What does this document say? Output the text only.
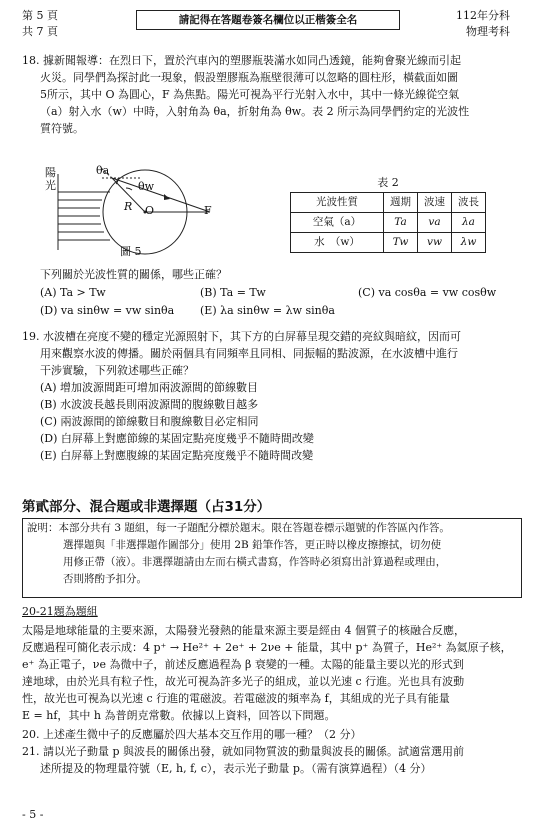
第 5 頁
共 7 頁
請記得在答題卷簽名欄位以正楷簽全名	112年分科
物理考科

18. 據新聞報導：在烈日下，置於汽車內的塑膠瓶裝滿水如同凸透鏡，能夠會聚光線而引起

火災。同學們為探討此一現象，假設塑膠瓶為瓶壁很薄可以忽略的圓柱形，橫截面如圖

5所示，其中 O 為圓心，F 為焦點。陽光可視為平行光射入水中，其中一條光線從空氣

（a）射入水（w）中時，入射角為 θa，折射角為 θw。表 2 所示為同學們約定的光波性

質符號。

陽光
θa
θw
R O	F
圖 5
表 2
光波性質	週期	波速	波長
空氣（a）	Ta	va	λa
水　（w）	Tw	vw	λw
下列關於光波性質的關係，哪些正確？
(A) Ta > Tw	(B) Ta = Tw	(C) va cosθa = vw cosθw
(D) va sinθw = vw sinθa (E) λa sinθw = λw sinθa

19. 水波槽在亮度不變的穩定光源照射下，其下方的白屏幕呈現交錯的亮紋與暗紋，因而可

用來觀察水波的傳播。關於兩個具有同頻率且同相、同振幅的點波源，在水波槽中進行

干涉實驗，下列敘述哪些正確？

(A) 增加波源間距可增加兩波源間的節線數目

(B) 水波波長越長則兩波源間的腹線數目越多

(C) 兩波源間的節線數目和腹線數目必定相同

(D) 白屏幕上對應節線的某固定點亮度幾乎不隨時間改變

(E) 白屏幕上對應腹線的某固定點亮度幾乎不隨時間改變

第貳部分、混合題或非選擇題（占31分）
說明：本部分共有 3 題組，每一子題配分標於題末。限在答題卷標示題號的作答區內作答。
選擇題與「非選擇題作圖部分」使用 2B 鉛筆作答，更正時以橡皮擦擦拭，切勿使
用修正帶（液）。非選擇題請由左而右橫式書寫，作答時必須寫出計算過程或理由，
否則將酌予扣分。
20-21題為題組

太陽是地球能量的主要來源，太陽發光發熱的能量來源主要是經由 4 個質子的核融合反應，

反應過程可簡化表示成：4 p⁺ → He²⁺ + 2e⁺ + 2νe + 能量，其中 p⁺ 為質子，He²⁺ 為氦原子核，

e⁺ 為正電子，νe 為微中子，前述反應過程為 β 衰變的一種。太陽的能量主要以光的形式到

達地球，由於光具有粒子性，故光可視為許多光子的組成，並以光速 c 行進。光也具有波動

性，故光也可視為以光速 c 行進的電磁波。若電磁波的頻率為 f，其組成的光子具有能量

E = hf，其中 h 為普朗克常數。依據以上資料，回答以下問題。

20. 上述產生微中子的反應屬於四大基本交互作用的哪一種？（2 分）

21. 請以光子動量 p 與波長的關係出發，就如同物質波的動量與波長的關係。試適當選用前

述所提及的物理量符號（E, h, f, c），表示光子動量 p。（需有演算過程）（4 分）

- 5 -
